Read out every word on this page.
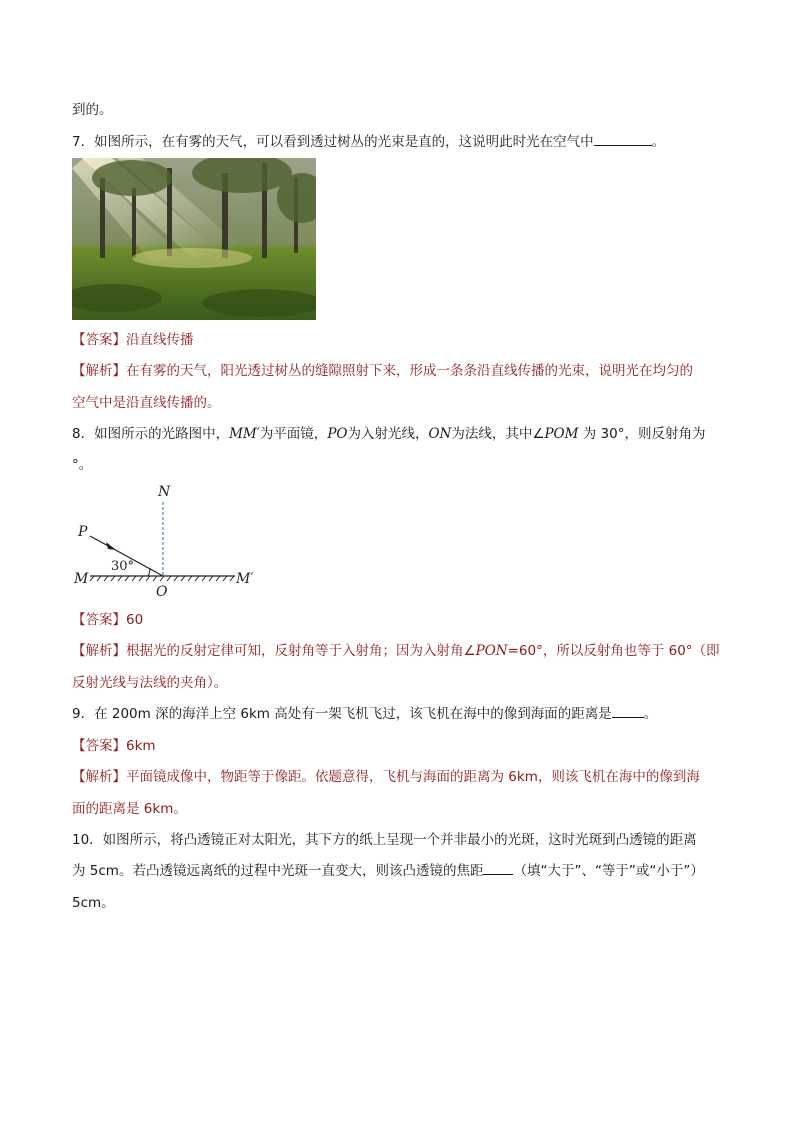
到的。
7．如图所示，在有雾的天气，可以看到透过树丛的光束是直的，这说明此时光在空气中	。
【答案】沿直线传播
【解析】在有雾的天气，阳光透过树丛的缝隙照射下来，形成一条条沿直线传播的光束，说明光在均匀的
空气中是沿直线传播的。
8．如图所示的光路图中，MM′为平面镜，PO为入射光线，ON为法线，其中∠POM 为 30°，则反射角为
°。
N
P
30°
M
O
M′
【答案】60
【解析】根据光的反射定律可知，反射角等于入射角；因为入射角∠PON=60°，所以反射角也等于 60°（即
反射光线与法线的夹角）。
9．在 200m 深的海洋上空 6km 高处有一架飞机飞过，该飞机在海中的像到海面的距离是 。
【答案】6km
【解析】平面镜成像中，物距等于像距。依题意得，飞机与海面的距离为 6km，则该飞机在海中的像到海
面的距离是 6km。
10．如图所示，将凸透镜正对太阳光，其下方的纸上呈现一个并非最小的光斑，这时光斑到凸透镜的距离
为 5cm。若凸透镜远离纸的过程中光斑一直变大，则该凸透镜的焦距 （填“大于”、“等于”或“小于”）
5cm。
